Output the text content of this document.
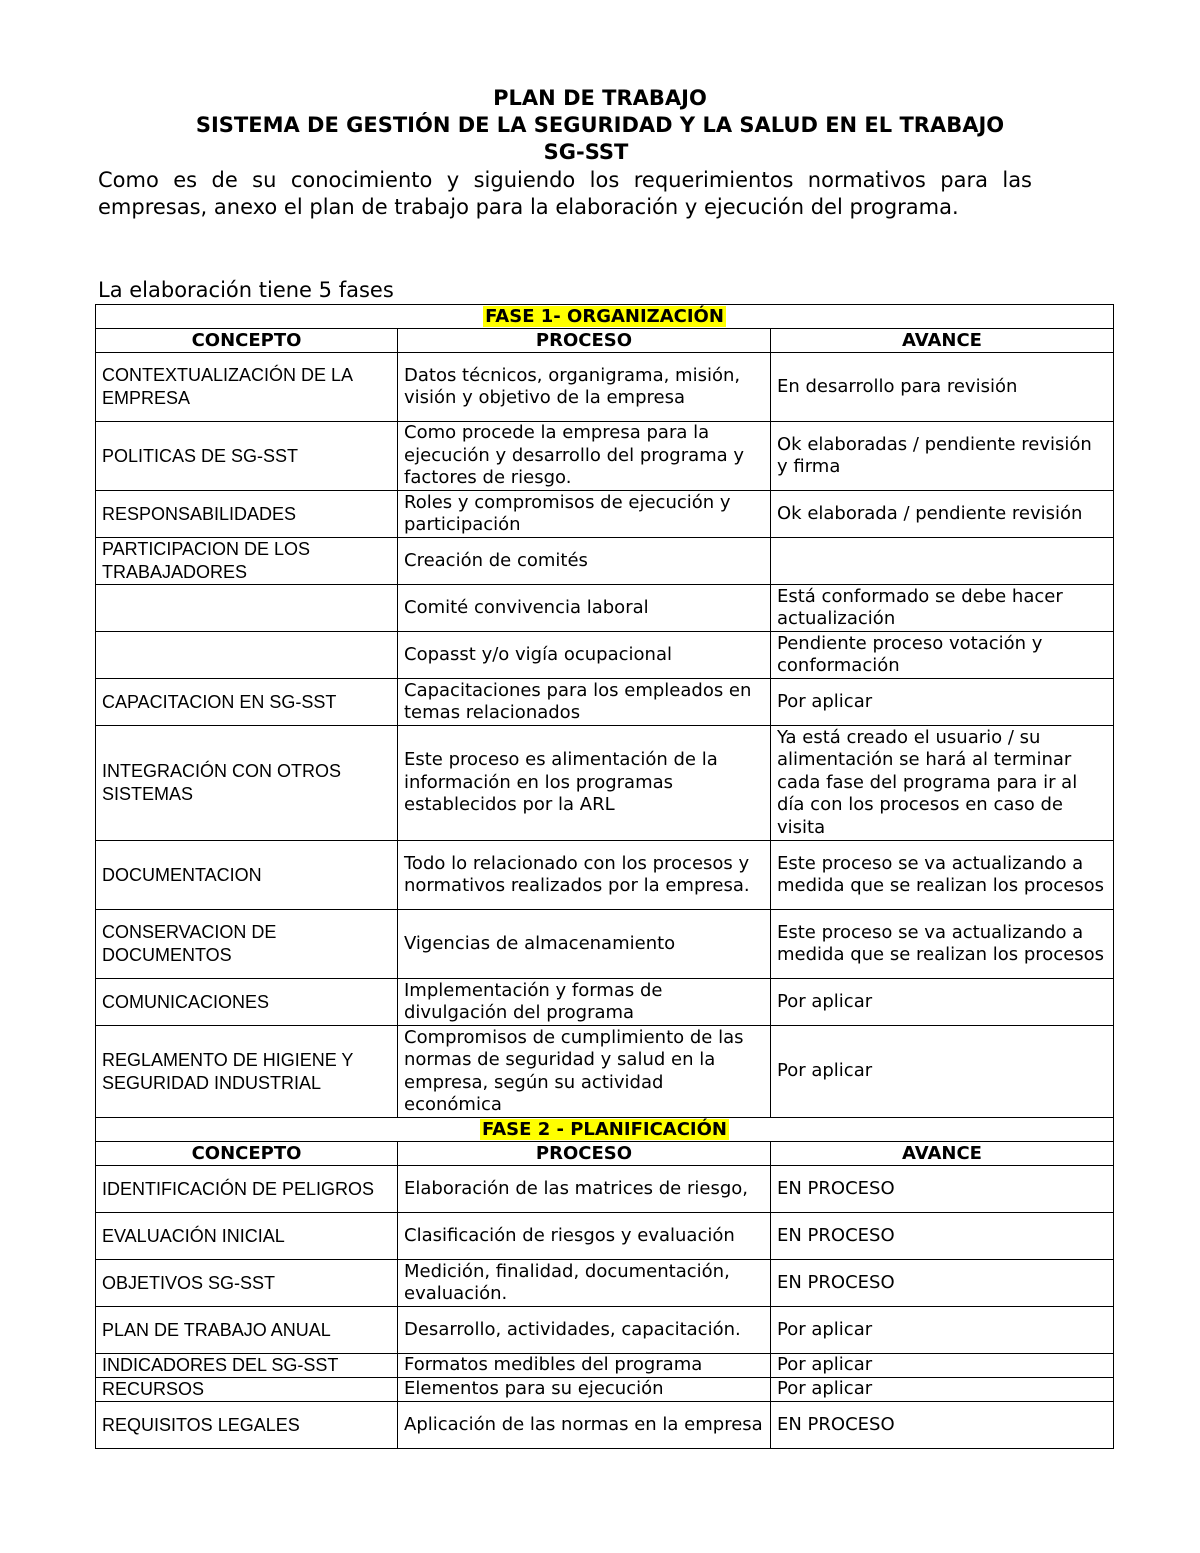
PLAN DE TRABAJO

SISTEMA DE GESTIÓN DE LA SEGURIDAD Y LA SALUD EN EL TRABAJO

SG-SST

Como es de su conocimiento y siguiendo los requerimientos normativos para las empresas, anexo el plan de trabajo para la elaboración y ejecución del programa.

La elaboración tiene 5 fases

FASE 1- ORGANIZACIÓN		
CONCEPTO	PROCESO	AVANCE
CONTEXTUALIZACIÓN DE LA EMPRESA	Datos técnicos, organigrama, misión, visión y objetivo de la empresa	En desarrollo para revisión
POLITICAS DE SG-SST	Como procede la empresa para la ejecución y desarrollo del programa y factores de riesgo.	Ok elaboradas / pendiente revisión y firma
RESPONSABILIDADES	Roles y compromisos de ejecución y participación	Ok elaborada / pendiente revisión
PARTICIPACION DE LOS TRABAJADORES	Creación de comités	
	Comité convivencia laboral	Está conformado se debe hacer actualización
	Copasst y/o vigía ocupacional	Pendiente proceso votación y conformación
CAPACITACION EN SG-SST	Capacitaciones para los empleados en temas relacionados	Por aplicar
INTEGRACIÓN CON OTROS SISTEMAS	Este proceso es alimentación de la información en los programas establecidos por la ARL	Ya está creado el usuario / su alimentación se hará al terminar cada fase del programa para ir al día con los procesos en caso de visita
DOCUMENTACION	Todo lo relacionado con los procesos y normativos realizados por la empresa.	Este proceso se va actualizando a medida que se realizan los procesos
CONSERVACION DE DOCUMENTOS	Vigencias de almacenamiento	Este proceso se va actualizando a medida que se realizan los procesos
COMUNICACIONES	Implementación y formas de divulgación del programa	Por aplicar
REGLAMENTO DE HIGIENE Y SEGURIDAD INDUSTRIAL	Compromisos de cumplimiento de las normas de seguridad y salud en la empresa, según su actividad económica	Por aplicar
FASE 2 - PLANIFICACIÓN		
CONCEPTO	PROCESO	AVANCE
IDENTIFICACIÓN DE PELIGROS	Elaboración de las matrices de riesgo,	EN PROCESO
EVALUACIÓN INICIAL	Clasificación de riesgos y evaluación	EN PROCESO
OBJETIVOS SG-SST	Medición, finalidad, documentación, evaluación.	EN PROCESO
PLAN DE TRABAJO ANUAL	Desarrollo, actividades, capacitación.	Por aplicar
INDICADORES DEL SG-SST	Formatos medibles del programa	Por aplicar
RECURSOS	Elementos para su ejecución	Por aplicar
REQUISITOS LEGALES	Aplicación de las normas en la empresa	EN PROCESO
